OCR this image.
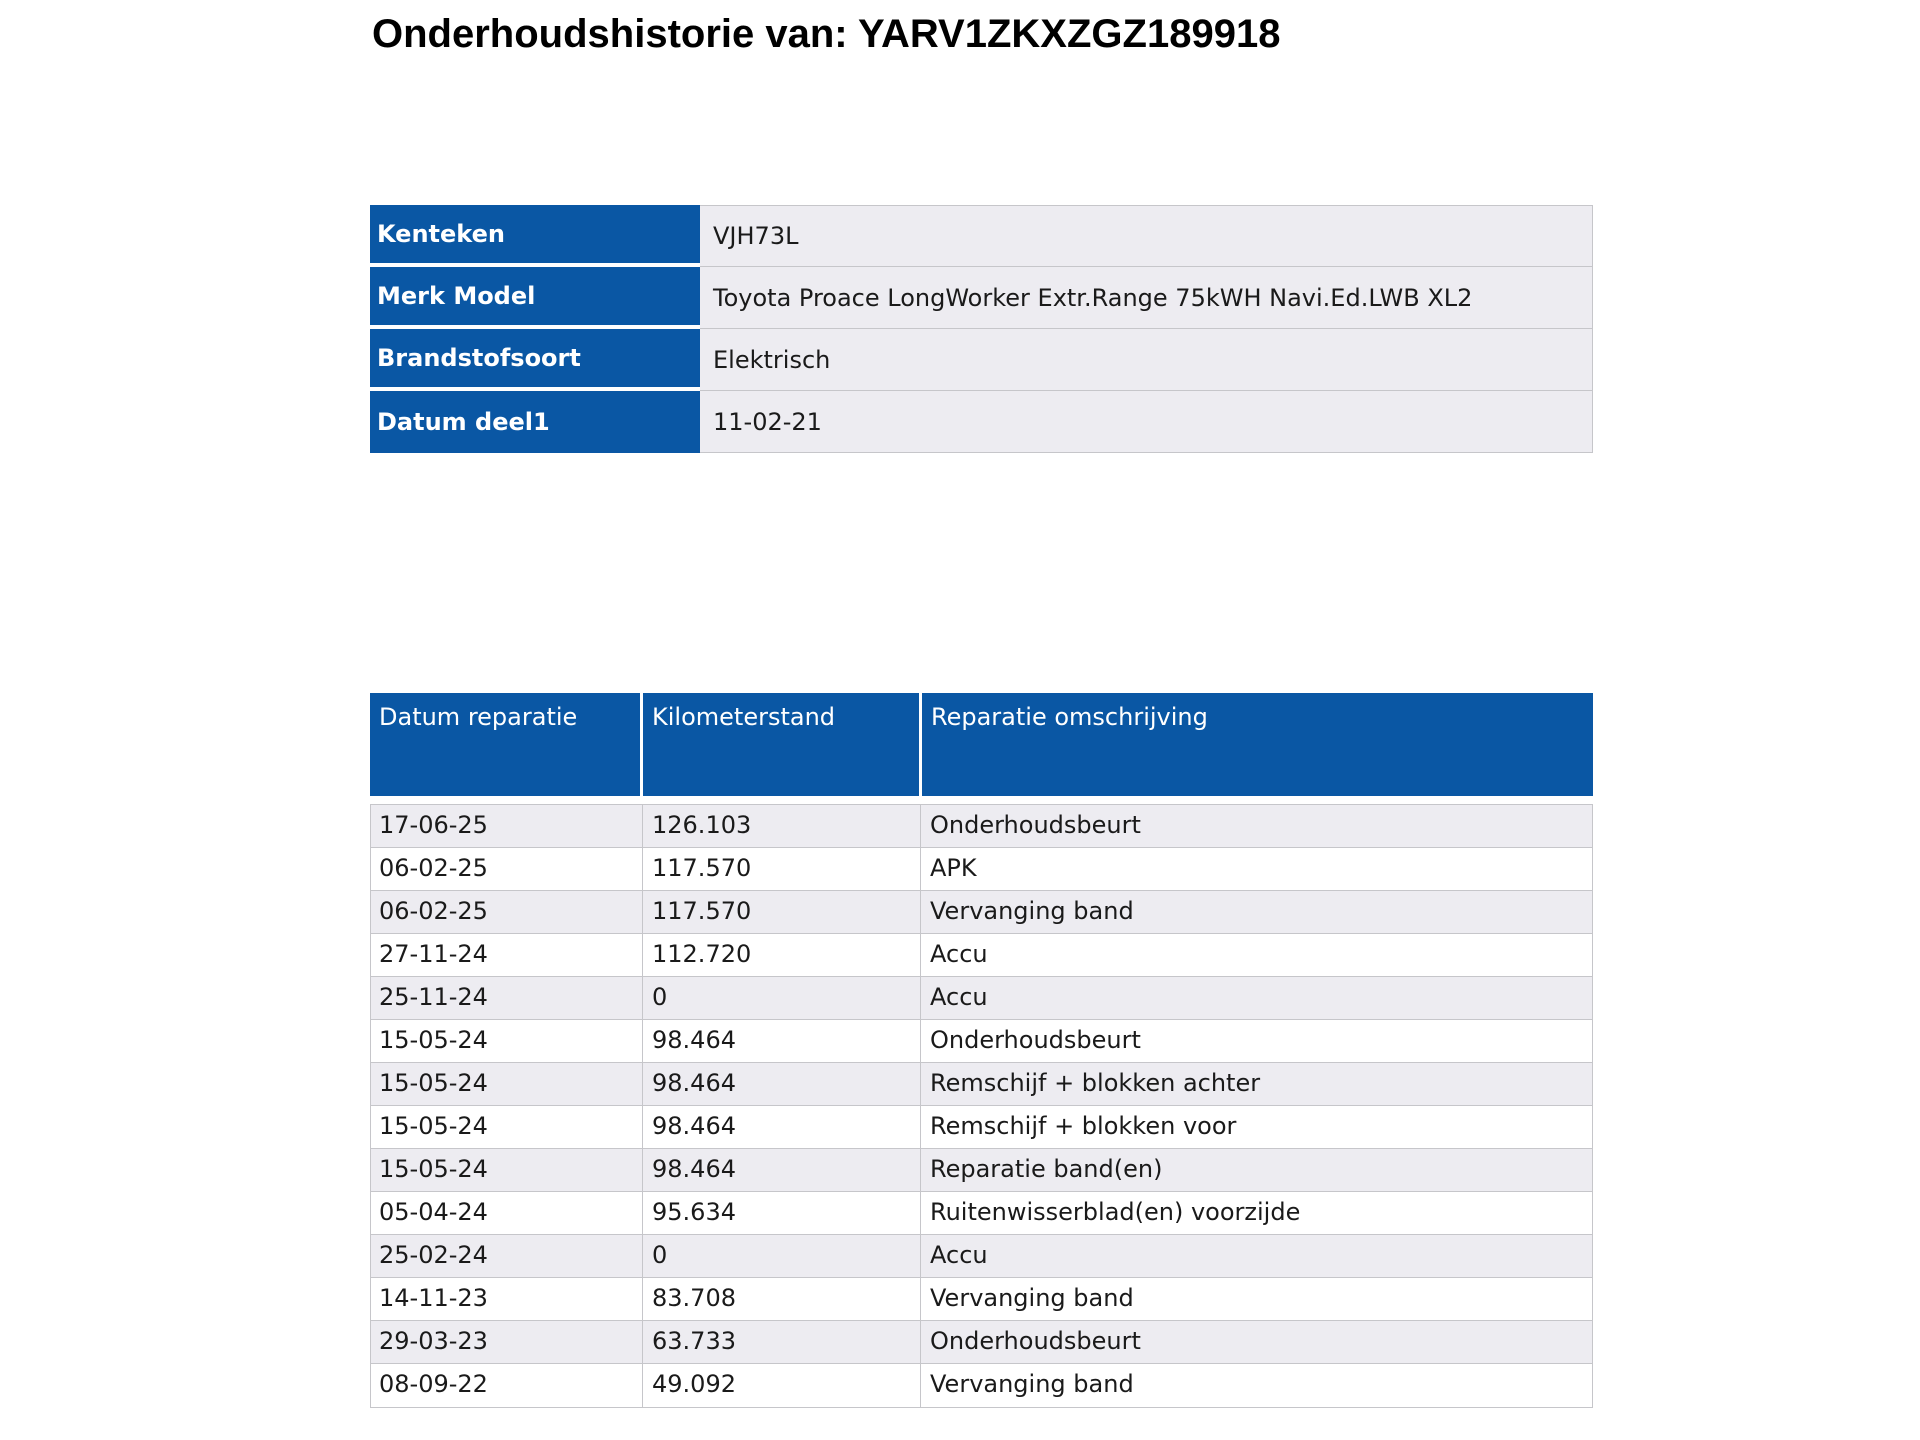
Onderhoudshistorie van: YARV1ZKXZGZ189918
Kenteken	VJH73L
Merk Model	Toyota Proace LongWorker Extr.Range 75kWH Navi.Ed.LWB XL2
Brandstofsoort	Elektrisch
Datum deel1	11-02-21
Datum reparatie	Kilometerstand	Reparatie omschrijving
17-06-25	126.103	Onderhoudsbeurt
06-02-25	117.570	APK
06-02-25	117.570	Vervanging band
27-11-24	112.720	Accu
25-11-24	0	Accu
15-05-24	98.464	Onderhoudsbeurt
15-05-24	98.464	Remschijf + blokken achter
15-05-24	98.464	Remschijf + blokken voor
15-05-24	98.464	Reparatie band(en)
05-04-24	95.634	Ruitenwisserblad(en) voorzijde
25-02-24	0	Accu
14-11-23	83.708	Vervanging band
29-03-23	63.733	Onderhoudsbeurt
08-09-22	49.092	Vervanging band
